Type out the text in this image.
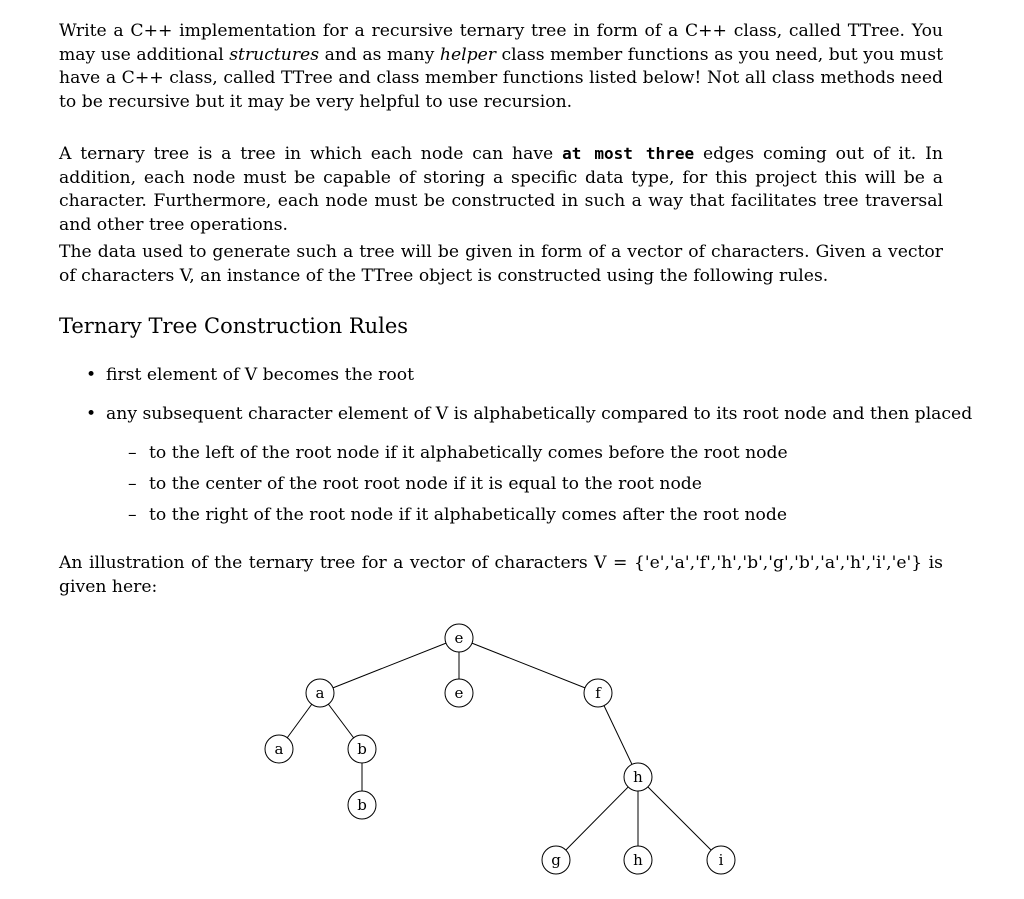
Write a C++ implementation for a recursive ternary tree in form of a C++ class, called TTree. You may use additional structures and as many helper class member functions as you need, but you must have a C++ class, called TTree and class member functions listed below! Not all class methods need to be recursive but it may be very helpful to use recursion.

A ternary tree is a tree in which each node can have at most three edges coming out of it. In addition, each node must be capable of storing a specific data type, for this project this will be a character. Furthermore, each node must be constructed in such a way that facilitates tree traversal and other tree operations.

The data used to generate such a tree will be given in form of a vector of characters. Given a vector of characters V, an instance of the TTree object is constructed using the following rules.

Ternary Tree Construction Rules
• first element of V becomes the root
• any subsequent character element of V is alphabetically compared to its root node and then placed
– to the left of the root node if it alphabetically comes before the root node
– to the center of the root root node if it is equal to the root node
– to the right of the root node if it alphabetically comes after the root node

An illustration of the ternary tree for a vector of characters V = {'e','a','f','h','b','g','b','a','h','i','e'} is given here:

e
a	e	f
a	b
h
b
g	h	i
